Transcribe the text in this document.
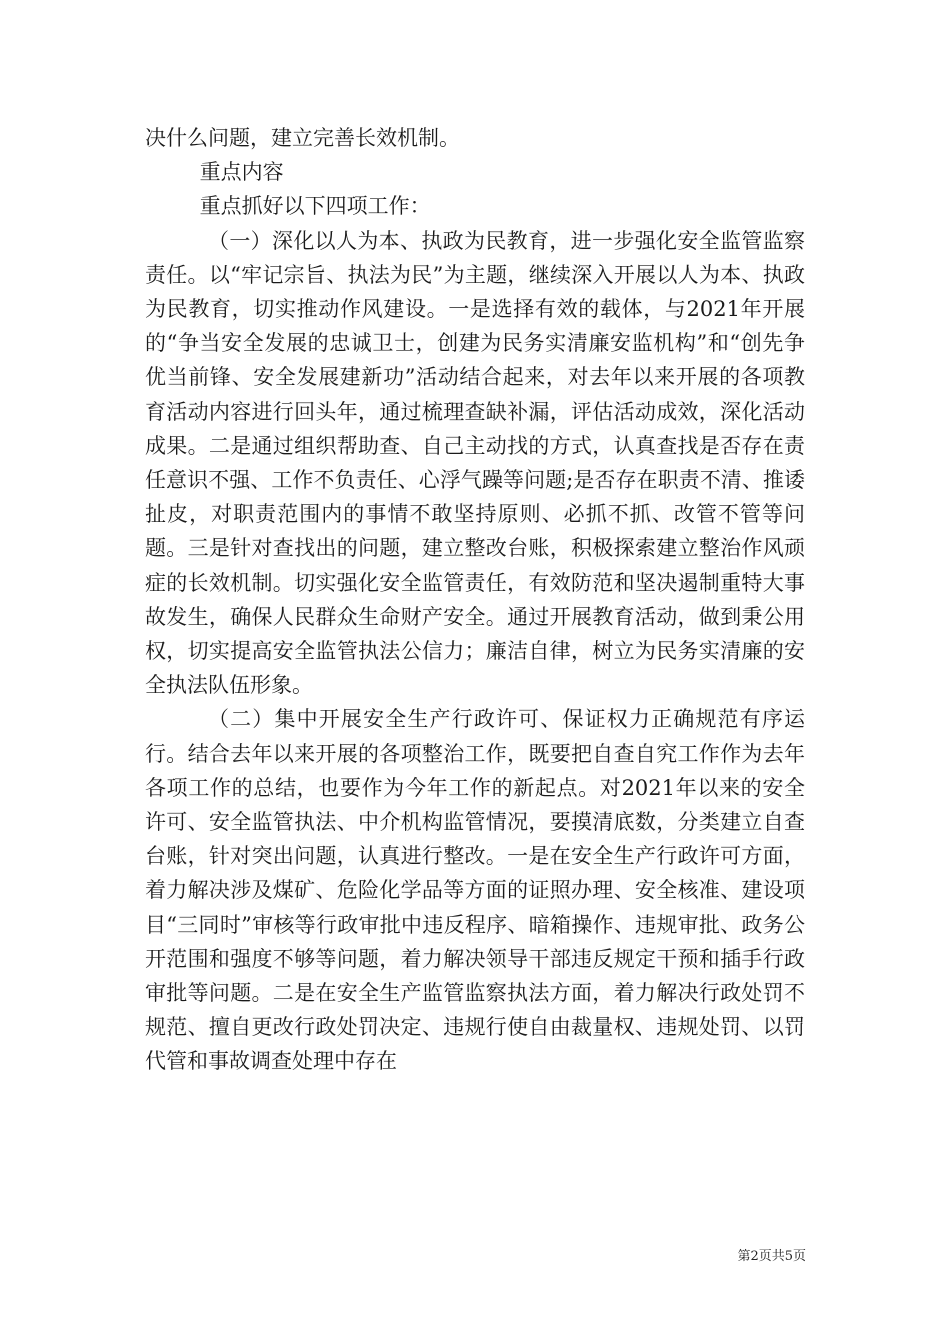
决什么问题，建立完善长效机制。

重点内容

重点抓好以下四项工作：

（一）深化以人为本、执政为民教育，进一步强化安全监管监察责任。以“牢记宗旨、执法为民”为主题，继续深入开展以人为本、执政为民教育，切实推动作风建设。一是选择有效的载体，与2021年开展的“争当安全发展的忠诚卫士，创建为民务实清廉安监机构”和“创先争优当前锋、安全发展建新功”活动结合起来，对去年以来开展的各项教育活动内容进行回头年，通过梳理查缺补漏，评估活动成效，深化活动成果。二是通过组织帮助查、自己主动找的方式，认真查找是否存在责任意识不强、工作不负责任、心浮气躁等问题;是否存在职责不清、推诿扯皮，对职责范围内的事情不敢坚持原则、必抓不抓、改管不管等问题。三是针对查找出的问题，建立整改台账，积极探索建立整治作风顽症的长效机制。切实强化安全监管责任，有效防范和坚决遏制重特大事故发生，确保人民群众生命财产安全。通过开展教育活动，做到秉公用权，切实提高安全监管执法公信力；廉洁自律，树立为民务实清廉的安全执法队伍形象。

（二）集中开展安全生产行政许可、保证权力正确规范有序运行。结合去年以来开展的各项整治工作，既要把自查自究工作作为去年各项工作的总结，也要作为今年工作的新起点。对2021年以来的安全许可、安全监管执法、中介机构监管情况，要摸清底数，分类建立自查台账，针对突出问题，认真进行整改。一是在安全生产行政许可方面，着力解决涉及煤矿、危险化学品等方面的证照办理、安全核准、建设项目“三同时”审核等行政审批中违反程序、暗箱操作、违规审批、政务公开范围和强度不够等问题，着力解决领导干部违反规定干预和插手行政审批等问题。二是在安全生产监管监察执法方面，着力解决行政处罚不规范、擅自更改行政处罚决定、违规行使自由裁量权、违规处罚、以罚代管和事故调查处理中存在

第2页共5页
